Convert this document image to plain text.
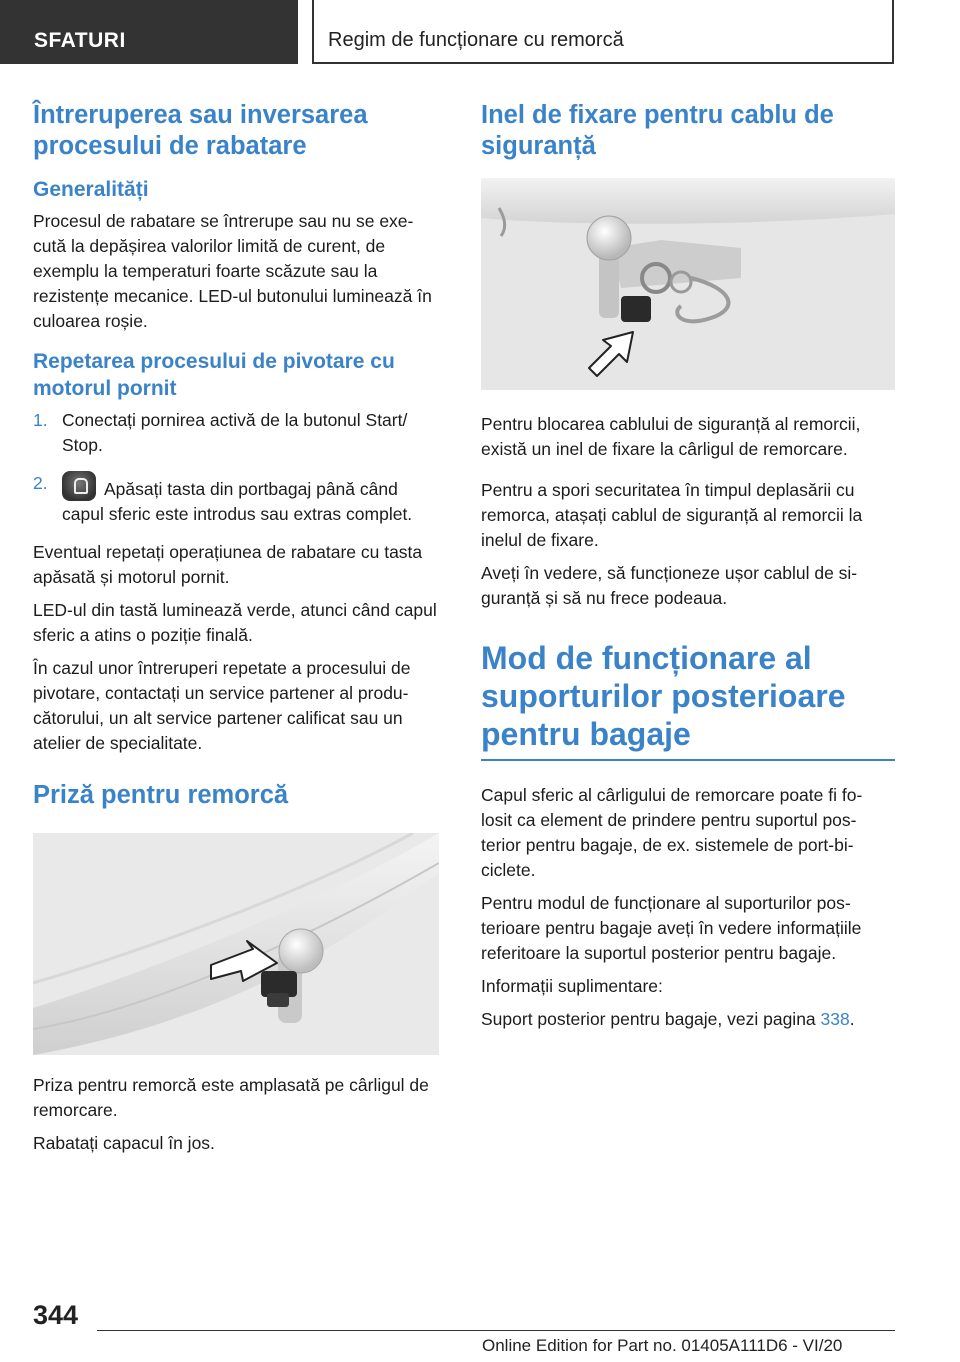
SFATURI	Regim de funcționare cu remorcă
Întreruperea sau inversarea procesului de rabatare
Generalități

Procesul de rabatare se întrerupe sau nu se exe- cută la depășirea valorilor limită de curent, de exemplu la temperaturi foarte scăzute sau la rezistențe mecanice. LED-ul butonului luminează în culoarea roșie.

Repetarea procesului de pivotare cu motorul pornit
1. Conectați pornirea activă de la butonul Start/ Stop.
2.	Apăsați tasta din portbagaj până când capul sferic este introdus sau extras complet.

Eventual repetați operațiunea de rabatare cu tasta apăsată și motorul pornit.

LED-ul din tastă luminează verde, atunci când capul sferic a atins o poziție finală.

În cazul unor întreruperi repetate a procesului de pivotare, contactați un service partener al produ- cătorului, un alt service partener calificat sau un atelier de specialitate.

Priză pentru remorcă

Priza pentru remorcă este amplasată pe cârligul de remorcare.

Rabatați capacul în jos.

Inel de fixare pentru cablu de siguranță

Pentru blocarea cablului de siguranță al remorcii, există un inel de fixare la cârligul de remorcare.

Pentru a spori securitatea în timpul deplasării cu remorca, atașați cablul de siguranță al remorcii la inelul de fixare.

Aveți în vedere, să funcționeze ușor cablul de si- guranță și să nu frece podeaua.

Mod de funcționare al suporturilor posterioare pentru bagaje

Capul sferic al cârligului de remorcare poate fi fo- losit ca element de prindere pentru suportul pos- terior pentru bagaje, de ex. sistemele de port-bi- ciclete.

Pentru modul de funcționare al suporturilor pos- terioare pentru bagaje aveți în vedere informațiile referitoare la suportul posterior pentru bagaje.

Informații suplimentare:

Suport posterior pentru bagaje, vezi pagina 338.

344
Online Edition for Part no. 01405A111D6 - VI/20
